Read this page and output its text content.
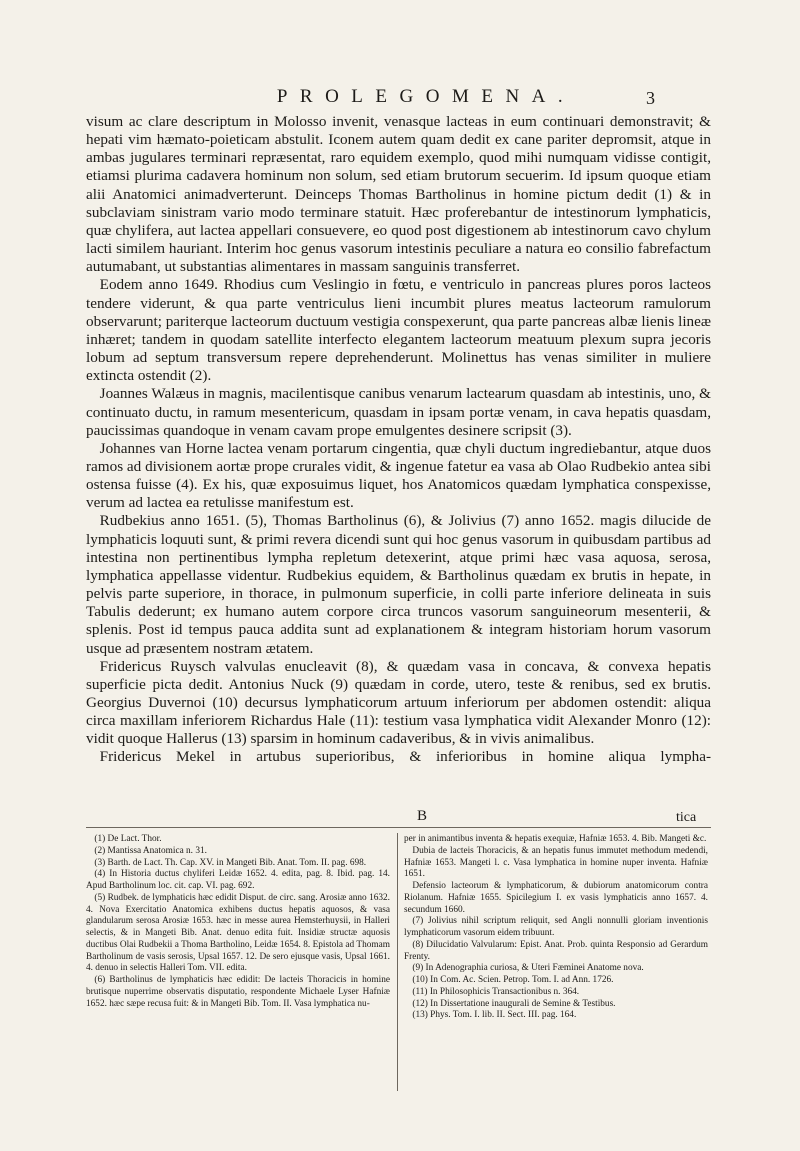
PROLEGOMENA.	3

visum ac clare descriptum in Molosso invenit, venasque lacteas in eum continuari demonstravit; & hepati vim hæmato-poieticam abstulit. Iconem autem quam dedit ex cane pariter depromsit, atque in ambas jugulares terminari repræsentat, raro equidem exemplo, quod mihi numquam vidisse contigit, etiamsi plurima cadavera hominum non solum, sed etiam brutorum secuerim. Id ipsum quoque etiam alii Anatomici animadverterunt. Deinceps Thomas Bartholinus in homine pictum dedit (1) & in subclaviam sinistram vario modo terminare statuit. Hæc proferebantur de intestinorum lymphaticis, quæ chylifera, aut lactea appellari consuevere, eo quod post digestionem ab intestinorum cavo chylum lacti similem hauriant. Interim hoc genus vasorum intestinis peculiare a natura eo consilio fabrefactum autumabant, ut substantias alimentares in massam sanguinis transferret.

Eodem anno 1649. Rhodius cum Veslingio in fœtu, e ventriculo in pancreas plures poros lacteos tendere viderunt, & qua parte ventriculus lieni incumbit plures meatus lacteorum ramulorum observarunt; pariterque lacteorum ductuum vestigia conspexerunt, qua parte pancreas albæ lienis lineæ inhæret; tandem in quodam satellite interfecto elegantem lacteorum meatuum plexum supra jecoris lobum ad septum transversum repere deprehenderunt. Molinettus has venas similiter in muliere extincta ostendit (2).

Joannes Walæus in magnis, macilentisque canibus venarum lactearum quasdam ab intestinis, uno, & continuato ductu, in ramum mesentericum, quasdam in ipsam portæ venam, in cava hepatis quasdam, paucissimas quandoque in venam cavam prope emulgentes desinere scripsit (3).

Johannes van Horne lactea venam portarum cingentia, quæ chyli ductum ingrediebantur, atque duos ramos ad divisionem aortæ prope crurales vidit, & ingenue fatetur ea vasa ab Olao Rudbekio antea sibi ostensa fuisse (4). Ex his, quæ exposuimus liquet, hos Anatomicos quædam lymphatica conspexisse, verum ad lactea ea retulisse manifestum est.

Rudbekius anno 1651. (5), Thomas Bartholinus (6), & Jolivius (7) anno 1652. magis dilucide de lymphaticis loquuti sunt, & primi revera dicendi sunt qui hoc genus vasorum in quibusdam partibus ad intestina non pertinentibus lympha repletum detexerint, atque primi hæc vasa aquosa, serosa, lymphatica appellasse videntur. Rudbekius equidem, & Bartholinus quædam ex brutis in hepate, in pelvis parte superiore, in thorace, in pulmonum superficie, in colli parte inferiore delineata in suis Tabulis dederunt; ex humano autem corpore circa truncos vasorum sanguineorum mesenterii, & splenis. Post id tempus pauca addita sunt ad explanationem & integram historiam horum vasorum usque ad præsentem nostram ætatem.

Fridericus Ruysch valvulas enucleavit (8), & quædam vasa in concava, & convexa hepatis superficie picta dedit. Antonius Nuck (9) quædam in corde, utero, teste & renibus, sed ex brutis. Georgius Duvernoi (10) decursus lymphaticorum artuum inferiorum per abdomen ostendit: aliqua circa maxillam inferiorem Richardus Hale (11): testium vasa lymphatica vidit Alexander Monro (12): vidit quoque Hallerus (13) sparsim in hominum cadaveribus, & in vivis animalibus.

Fridericus Mekel in artubus superioribus, & inferioribus in homine aliqua lympha-

B	tica

(1) De Lact. Thor.

(2) Mantissa Anatomica n. 31.

(3) Barth. de Lact. Th. Cap. XV. in Mangeti Bib. Anat. Tom. II. pag. 698.

(4) In Historia ductus chyliferi Leidæ 1652. 4. edita, pag. 8. Ibid. pag. 14. Apud Bartholinum loc. cit. cap. VI. pag. 692.

(5) Rudbek. de lymphaticis hæc edidit Disput. de circ. sang. Arosiæ anno 1632. 4. Nova Exercitatio Anatomica exhibens ductus hepatis aquosos, & vasa glandularum serosa Arosiæ 1653. hæc in messe aurea Hemsterhuysii, in Halleri selectis, & in Mangeti Bib. Anat. denuo edita fuit. Insidiæ structæ aquosis ductibus Olai Rudbekii a Thoma Bartholino, Leidæ 1654. 8. Epistola ad Thomam Bartholinum de vasis serosis, Upsal 1657. 12. De sero ejusque vasis, Upsal 1661. 4. denuo in selectis Halleri Tom. VII. edita.

(6) Bartholinus de lymphaticis hæc edidit: De lacteis Thoracicis in homine brutisque nuperrime observatis disputatio, respondente Michaele Lyser Hafniæ 1652. hæc sæpe recusa fuit: & in Mangeti Bib. Tom. II. Vasa lymphatica nu-

per in animantibus inventa & hepatis exequiæ, Hafniæ 1653. 4. Bib. Mangeti &c.

Dubia de lacteis Thoracicis, & an hepatis funus immutet methodum medendi, Hafniæ 1653. Mangeti l. c. Vasa lymphatica in homine nuper inventa. Hafniæ 1651.

Defensio lacteorum & lymphaticorum, & dubiorum anatomicorum contra Riolanum. Hafniæ 1655. Spicilegium I. ex vasis lymphaticis anno 1657. 4. secundum 1660.

(7) Jolivius nihil scriptum reliquit, sed Angli nonnulli gloriam inventionis lymphaticorum vasorum eidem tribuunt.

(8) Dilucidatio Valvularum: Epist. Anat. Prob. quinta Responsio ad Gerardum Frenty.

(9) In Adenographia curiosa, & Uteri Fæminei Anatome nova.

(10) In Com. Ac. Scien. Petrop. Tom. I. ad Ann. 1726.

(11) In Philosophicis Transactionibus n. 364.

(12) In Dissertatione inaugurali de Semine & Testibus.

(13) Phys. Tom. I. lib. II. Sect. III. pag. 164.
